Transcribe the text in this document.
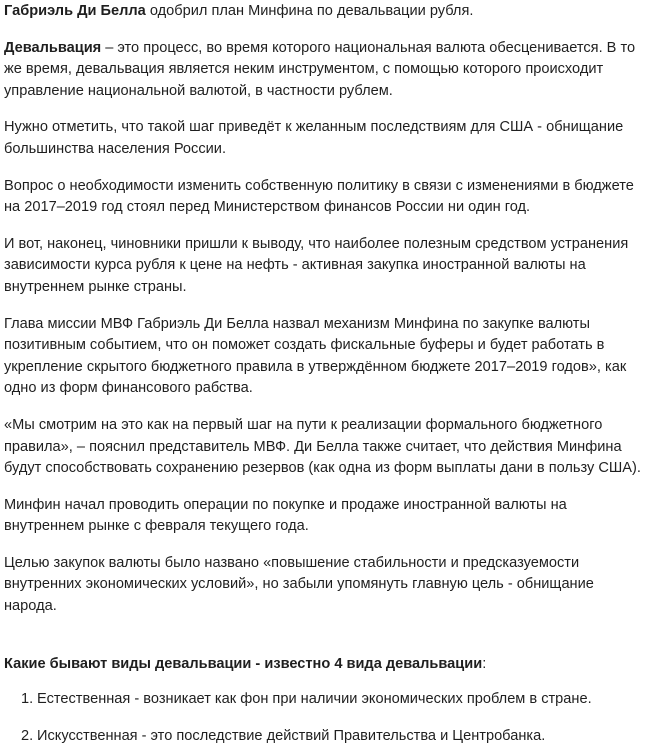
Габриэль Ди Белла одобрил план Минфина по девальвации рубля.

Девальвация – это процесс, во время которого национальная валюта обесценивается. В то же время, девальвация является неким инструментом, с помощью которого происходит управление национальной валютой, в частности рублем.

Нужно отметить, что такой шаг приведёт к желанным последствиям для США - обнищание большинства населения России.

Вопрос о необходимости изменить собственную политику в связи с изменениями в бюджете на 2017–2019 год стоял перед Министерством финансов России ни один год.

И вот, наконец, чиновники пришли к выводу, что наиболее полезным средством устранения зависимости курса рубля к цене на нефть - активная закупка иностранной валюты на внутреннем рынке страны.

Глава миссии МВФ Габриэль Ди Белла назвал механизм Минфина по закупке валюты позитивным событием, что он поможет создать фискальные буферы и будет работать в укрепление скрытого бюджетного правила в утверждённом бюджете 2017–2019 годов», как одно из форм финансового рабства.

«Мы смотрим на это как на первый шаг на пути к реализации формального бюджетного правила», – пояснил представитель МВФ. Ди Белла также считает, что действия Минфина будут способствовать сохранению резервов (как одна из форм выплаты дани в пользу США).

Минфин начал проводить операции по покупке и продаже иностранной валюты на внутреннем рынке с февраля текущего года.

Целью закупок валюты было названо «повышение стабильности и предсказуемости внутренних экономических условий», но забыли упомянуть главную цель - обнищание народа.

Какие бывают виды девальвации - известно 4 вида девальвации:

1. Естественная - возникает как фон при наличии экономических проблем в стране.
2. Искусственная - это последствие действий Правительства и Центробанка.
